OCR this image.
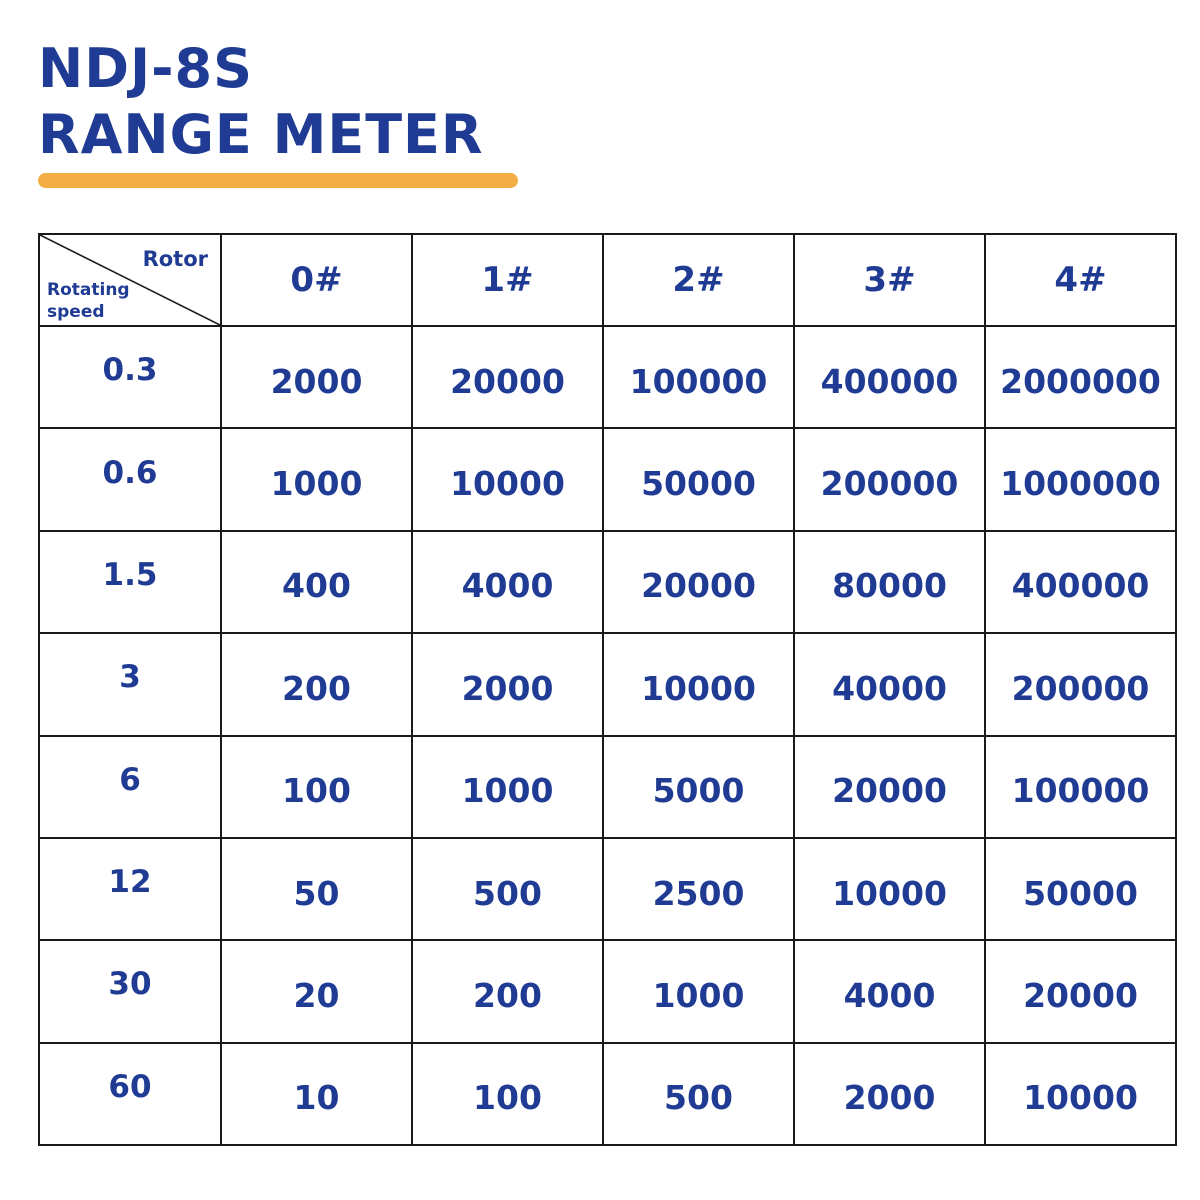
NDJ-8S
RANGE METER
Rotor
Rotating
speed	0#	1#	2#	3#	4#
0.3	2000	20000	100000	400000	2000000
0.6	1000	10000	50000	200000	1000000
1.5	400	4000	20000	80000	400000
3	200	2000	10000	40000	200000
6	100	1000	5000	20000	100000
12	50	500	2500	10000	50000
30	20	200	1000	4000	20000
60	10	100	500	2000	10000
